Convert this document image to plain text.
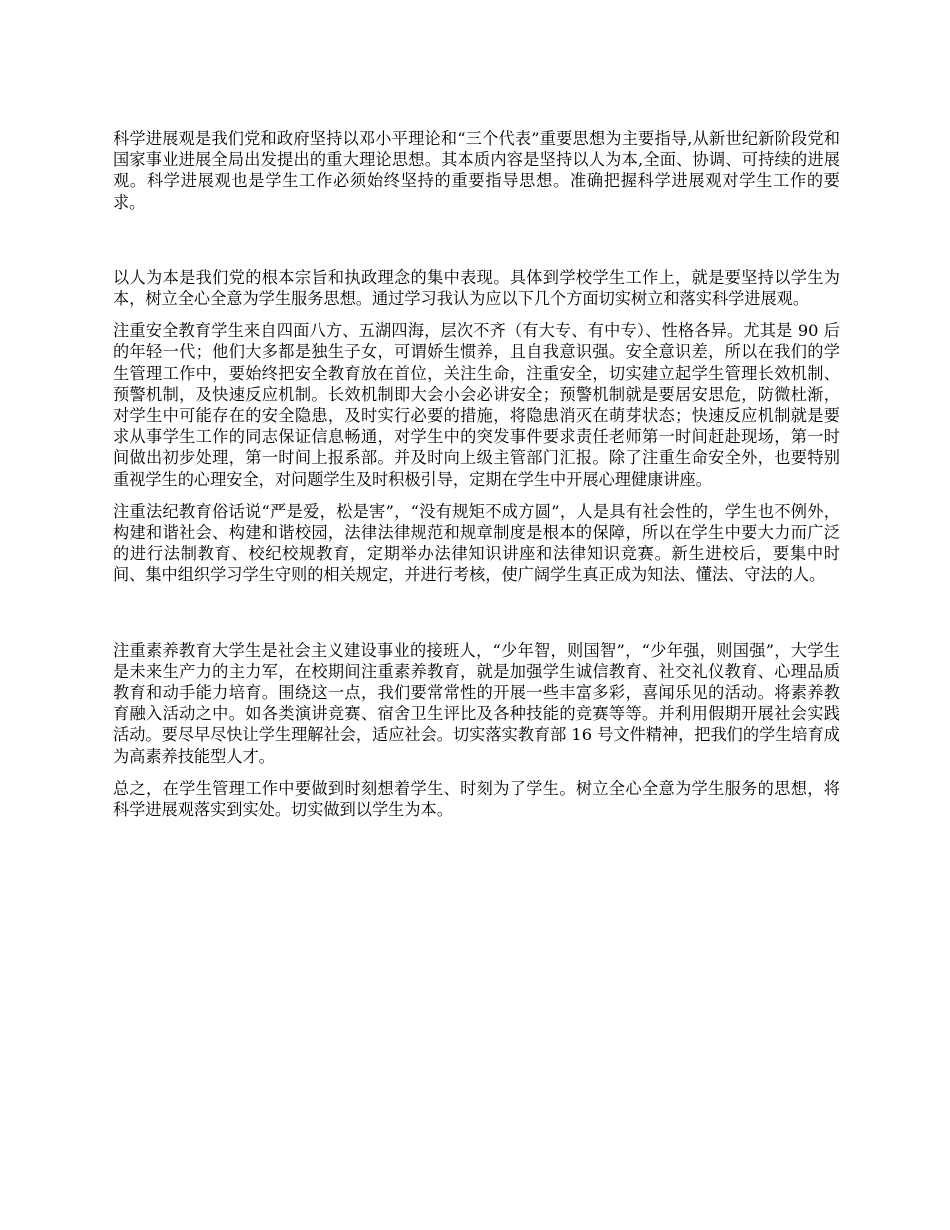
科学进展观是我们党和政府坚持以邓小平理论和“三个代表”重要思想为主要指导,从新世纪新阶段党和国家事业进展全局出发提出的重大理论思想。其本质内容是坚持以人为本,全面、协调、可持续的进展观。科学进展观也是学生工作必须始终坚持的重要指导思想。准确把握科学进展观对学生工作的要求。

以人为本是我们党的根本宗旨和执政理念的集中表现。具体到学校学生工作上，就是要坚持以学生为本，树立全心全意为学生服务思想。通过学习我认为应以下几个方面切实树立和落实科学进展观。

注重安全教育学生来自四面八方、五湖四海，层次不齐（有大专、有中专）、性格各异。尤其是 90 后的年轻一代；他们大多都是独生子女，可谓娇生惯养，且自我意识强。安全意识差，所以在我们的学生管理工作中，要始终把安全教育放在首位，关注生命，注重安全，切实建立起学生管理长效机制、预警机制，及快速反应机制。长效机制即大会小会必讲安全；预警机制就是要居安思危，防微杜渐，对学生中可能存在的安全隐患，及时实行必要的措施，将隐患消灭在萌芽状态；快速反应机制就是要求从事学生工作的同志保证信息畅通，对学生中的突发事件要求责任老师第一时间赶赴现场，第一时间做出初步处理，第一时间上报系部。并及时向上级主管部门汇报。除了注重生命安全外，也要特别重视学生的心理安全，对问题学生及时积极引导，定期在学生中开展心理健康讲座。

注重法纪教育俗话说“严是爱，松是害”，“没有规矩不成方圆”，人是具有社会性的，学生也不例外，构建和谐社会、构建和谐校园，法律法律规范和规章制度是根本的保障，所以在学生中要大力而广泛的进行法制教育、校纪校规教育，定期举办法律知识讲座和法律知识竞赛。新生进校后，要集中时间、集中组织学习学生守则的相关规定，并进行考核，使广阔学生真正成为知法、懂法、守法的人。

注重素养教育大学生是社会主义建设事业的接班人，“少年智，则国智”，“少年强，则国强”，大学生是未来生产力的主力军，在校期间注重素养教育，就是加强学生诚信教育、社交礼仪教育、心理品质教育和动手能力培育。围绕这一点，我们要常常性的开展一些丰富多彩，喜闻乐见的活动。将素养教育融入活动之中。如各类演讲竞赛、宿舍卫生评比及各种技能的竞赛等等。并利用假期开展社会实践活动。要尽早尽快让学生理解社会，适应社会。切实落实教育部 16 号文件精神，把我们的学生培育成为高素养技能型人才。

总之，在学生管理工作中要做到时刻想着学生、时刻为了学生。树立全心全意为学生服务的思想，将科学进展观落实到实处。切实做到以学生为本。
